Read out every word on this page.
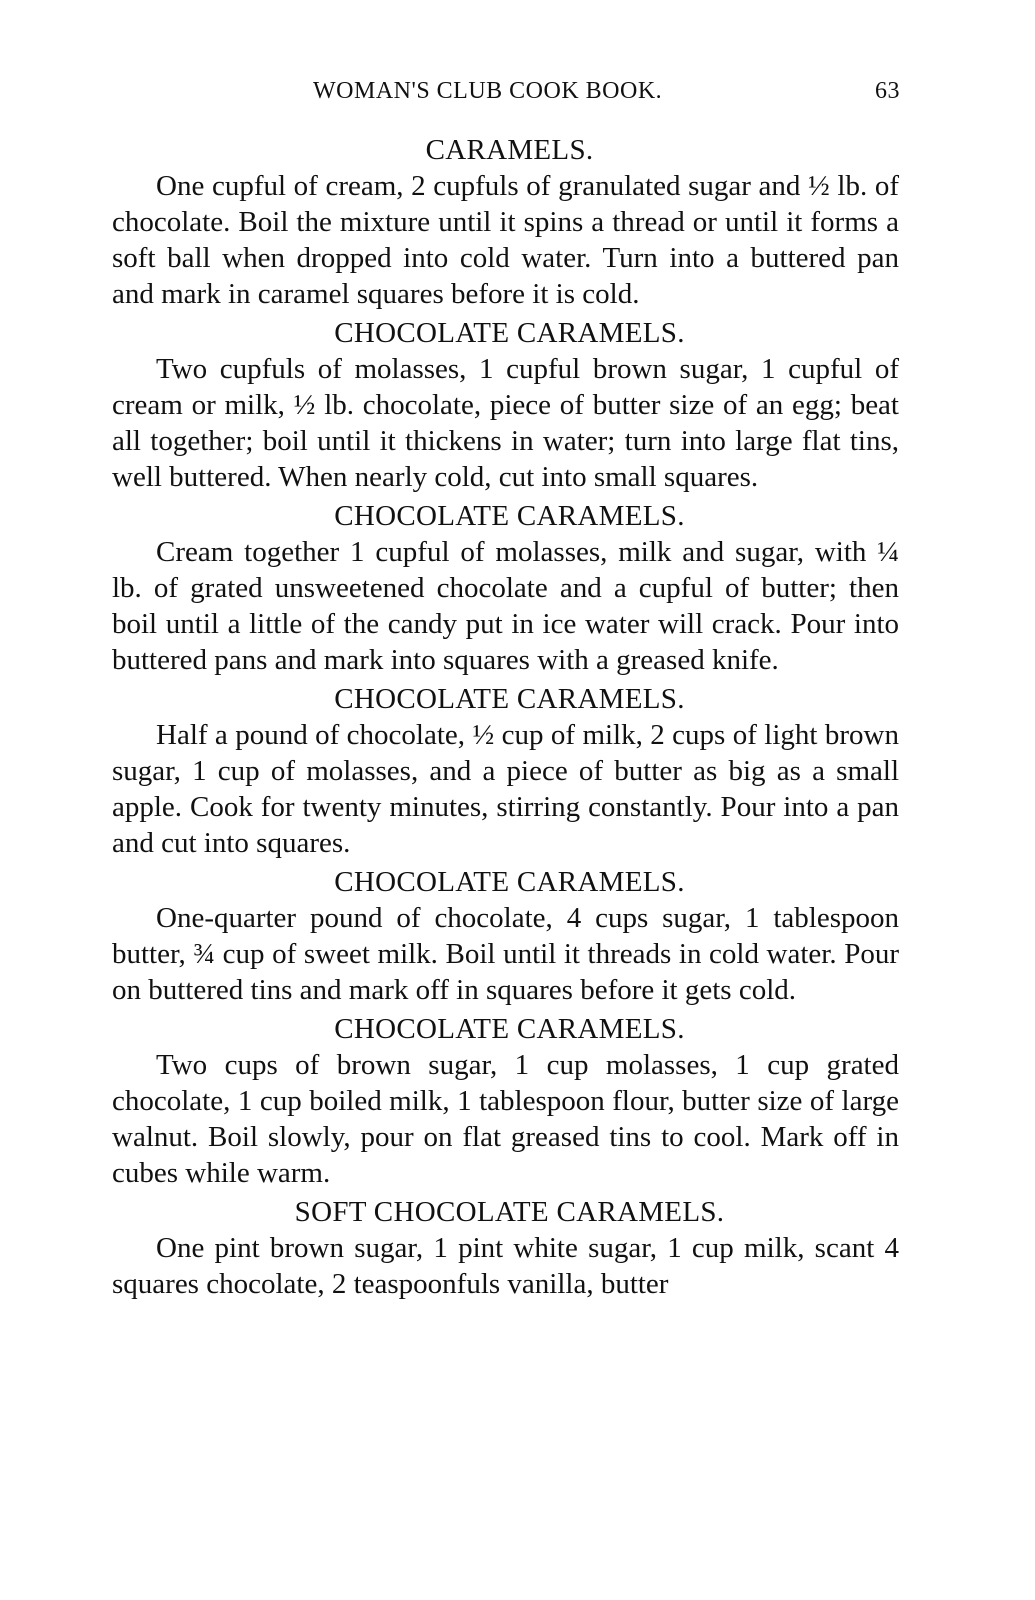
WOMAN'S CLUB COOK BOOK.	63
CARAMELS.

One cupful of cream, 2 cupfuls of granulated sugar and ½ lb. of chocolate. Boil the mixture until it spins a thread or until it forms a soft ball when dropped into cold water. Turn into a buttered pan and mark in caramel squares before it is cold.

CHOCOLATE CARAMELS.

Two cupfuls of molasses, 1 cupful brown sugar, 1 cupful of cream or milk, ½ lb. chocolate, piece of butter size of an egg; beat all together; boil until it thickens in water; turn into large flat tins, well buttered. When nearly cold, cut into small squares.

CHOCOLATE CARAMELS.

Cream together 1 cupful of molasses, milk and sugar, with ¼ lb. of grated unsweetened chocolate and a cupful of butter; then boil until a little of the candy put in ice water will crack. Pour into buttered pans and mark into squares with a greased knife.

CHOCOLATE CARAMELS.

Half a pound of chocolate, ½ cup of milk, 2 cups of light brown sugar, 1 cup of molasses, and a piece of butter as big as a small apple. Cook for twenty minutes, stirring constantly. Pour into a pan and cut into squares.

CHOCOLATE CARAMELS.

One-quarter pound of chocolate, 4 cups sugar, 1 tablespoon butter, ¾ cup of sweet milk. Boil until it threads in cold water. Pour on buttered tins and mark off in squares before it gets cold.

CHOCOLATE CARAMELS.

Two cups of brown sugar, 1 cup molasses, 1 cup grated chocolate, 1 cup boiled milk, 1 tablespoon flour, butter size of large walnut. Boil slowly, pour on flat greased tins to cool. Mark off in cubes while warm.

SOFT CHOCOLATE CARAMELS.

One pint brown sugar, 1 pint white sugar, 1 cup milk, scant 4 squares chocolate, 2 teaspoonfuls vanilla, butter
